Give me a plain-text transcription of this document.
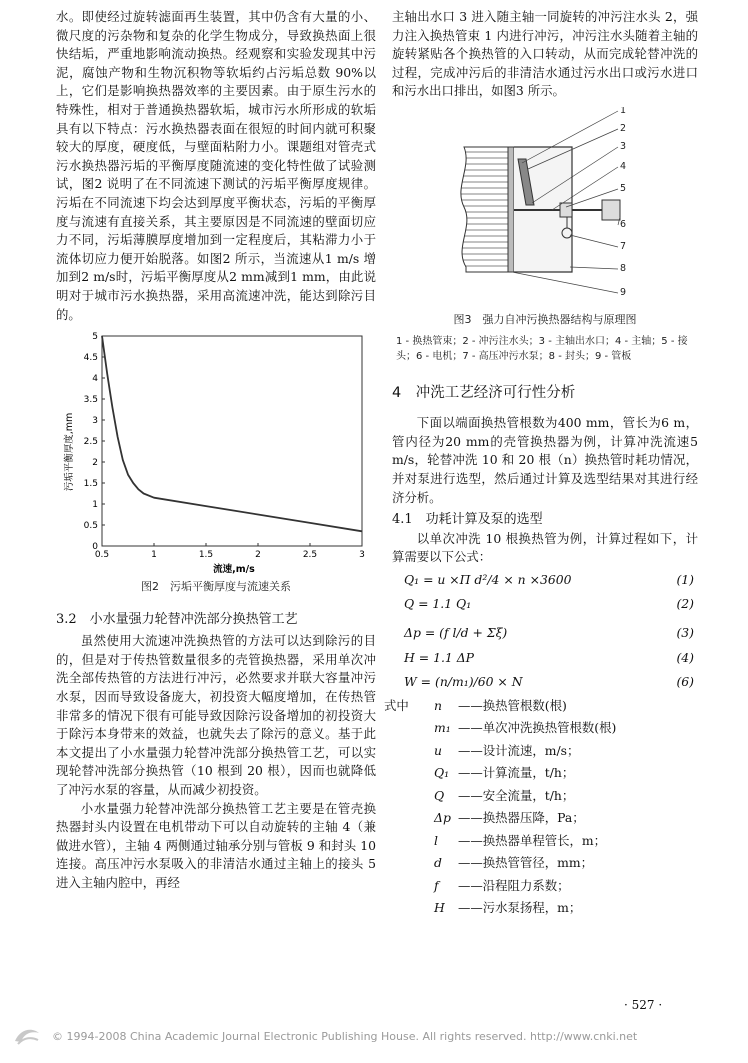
水。即使经过旋转滤面再生装置，其中仍含有大量的小、微尺度的污杂物和复杂的化学生物成分，导致换热面上很快结垢，严重地影响流动换热。经观察和实验发现其中污泥，腐蚀产物和生物沉积物等软垢约占污垢总数 90%以上，它们是影响换热器效率的主要因素。由于原生污水的特殊性，相对于普通换热器软垢，城市污水所形成的软垢具有以下特点：污水换热器表面在很短的时间内就可积聚较大的厚度，硬度低，与壁面粘附力小。课题组对管壳式污水换热器污垢的平衡厚度随流速的变化特性做了试验测试，图2 说明了在不同流速下测试的污垢平衡厚度规律。污垢在不同流速下均会达到厚度平衡状态，污垢的平衡厚度与流速有直接关系，其主要原因是不同流速的壁面切应力不同，污垢薄膜厚度增加到一定程度后，其粘滞力小于流体切应力便开始脱落。如图2 所示，当流速从1 m/s 增加到2 m/s时，污垢平衡厚度从2 mm减到1 mm，由此说明对于城市污水换热器，采用高流速冲洗，能达到除污目的。

0
0.5
1
1.5
2
2.5
3
3.5
4
4.5
5
0.5	1	1.5	2	2.5	3
流速,m/s
污垢平衡厚度,mm
图2　污垢平衡厚度与流速关系

3.2　小水量强力轮替冲洗部分换热管工艺

虽然使用大流速冲洗换热管的方法可以达到除污的目的，但是对于传热管数量很多的壳管换热器，采用单次冲洗全部传热管的方法进行冲污，必然要求并联大容量冲污水泵，因而导致设备庞大，初投资大幅度增加，在传热管非常多的情况下很有可能导致因除污设备增加的初投资大于除污本身带来的效益，也就失去了除污的意义。基于此本文提出了小水量强力轮替冲洗部分换热管工艺，可以实现轮替冲洗部分换热管（10 根到 20 根），因而也就降低了冲污水泵的容量，从而减少初投资。

小水量强力轮替冲洗部分换热管工艺主要是在管壳换热器封头内设置在电机带动下可以自动旋转的主轴 4（兼做进水管），主轴 4 两侧通过轴承分别与管板 9 和封头 10 连接。高压冲污水泵吸入的非清洁水通过主轴上的接头 5 进入主轴内腔中，再经

主轴出水口 3 进入随主轴一同旋转的冲污注水头 2，强力注入换热管束 1 内进行冲污，冲污注水头随着主轴的旋转紧贴各个换热管的入口转动，从而完成轮替冲洗的过程，完成冲污后的非清洁水通过污水出口或污水进口和污水出口排出，如图3 所示。

1
2
3
4
5
6
7
8
9
图3　强力自冲污换热器结构与原理图
1 - 换热管束；2 - 冲污注水头；3 - 主轴出水口；4 - 主轴；5 - 接头；6 - 电机；7 - 高压冲污水泵；8 - 封头；9 - 管板
4　冲洗工艺经济可行性分析

下面以端面换热管根数为400 mm，管长为6 m，管内径为20 mm的壳管换热器为例，计算冲洗流速5 m/s，轮替冲洗 10 和 20 根（n）换热管时耗功情况，并对泵进行选型，然后通过计算及选型结果对其进行经济分析。

4.1　功耗计算及泵的选型

以单次冲洗 10 根换热管为例，计算过程如下，计算需要以下公式：

Q₁ = u ×Π d²/4 × n ×3600	(1)
Q = 1.1 Q₁	(2)
Δp = (f l/d + Σξ)	(3)
H = 1.1 ΔP	(4)
W = (n/m₁)/60 × N	(6)
式中 n	——换热管根数(根)
m₁ ——单次冲洗换热管根数(根)
u	——设计流速，m/s；
Q₁ ——计算流量，t/h；
Q	——安全流量，t/h；
Δp ——换热器压降，Pa；
l	——换热器单程管长，m；
d	——换热管管径，mm；
f	——沿程阻力系数；
H	——污水泵扬程，m；
· 527 ·
© 1994-2008 China Academic Journal Electronic Publishing House. All rights reserved. http://www.cnki.net
